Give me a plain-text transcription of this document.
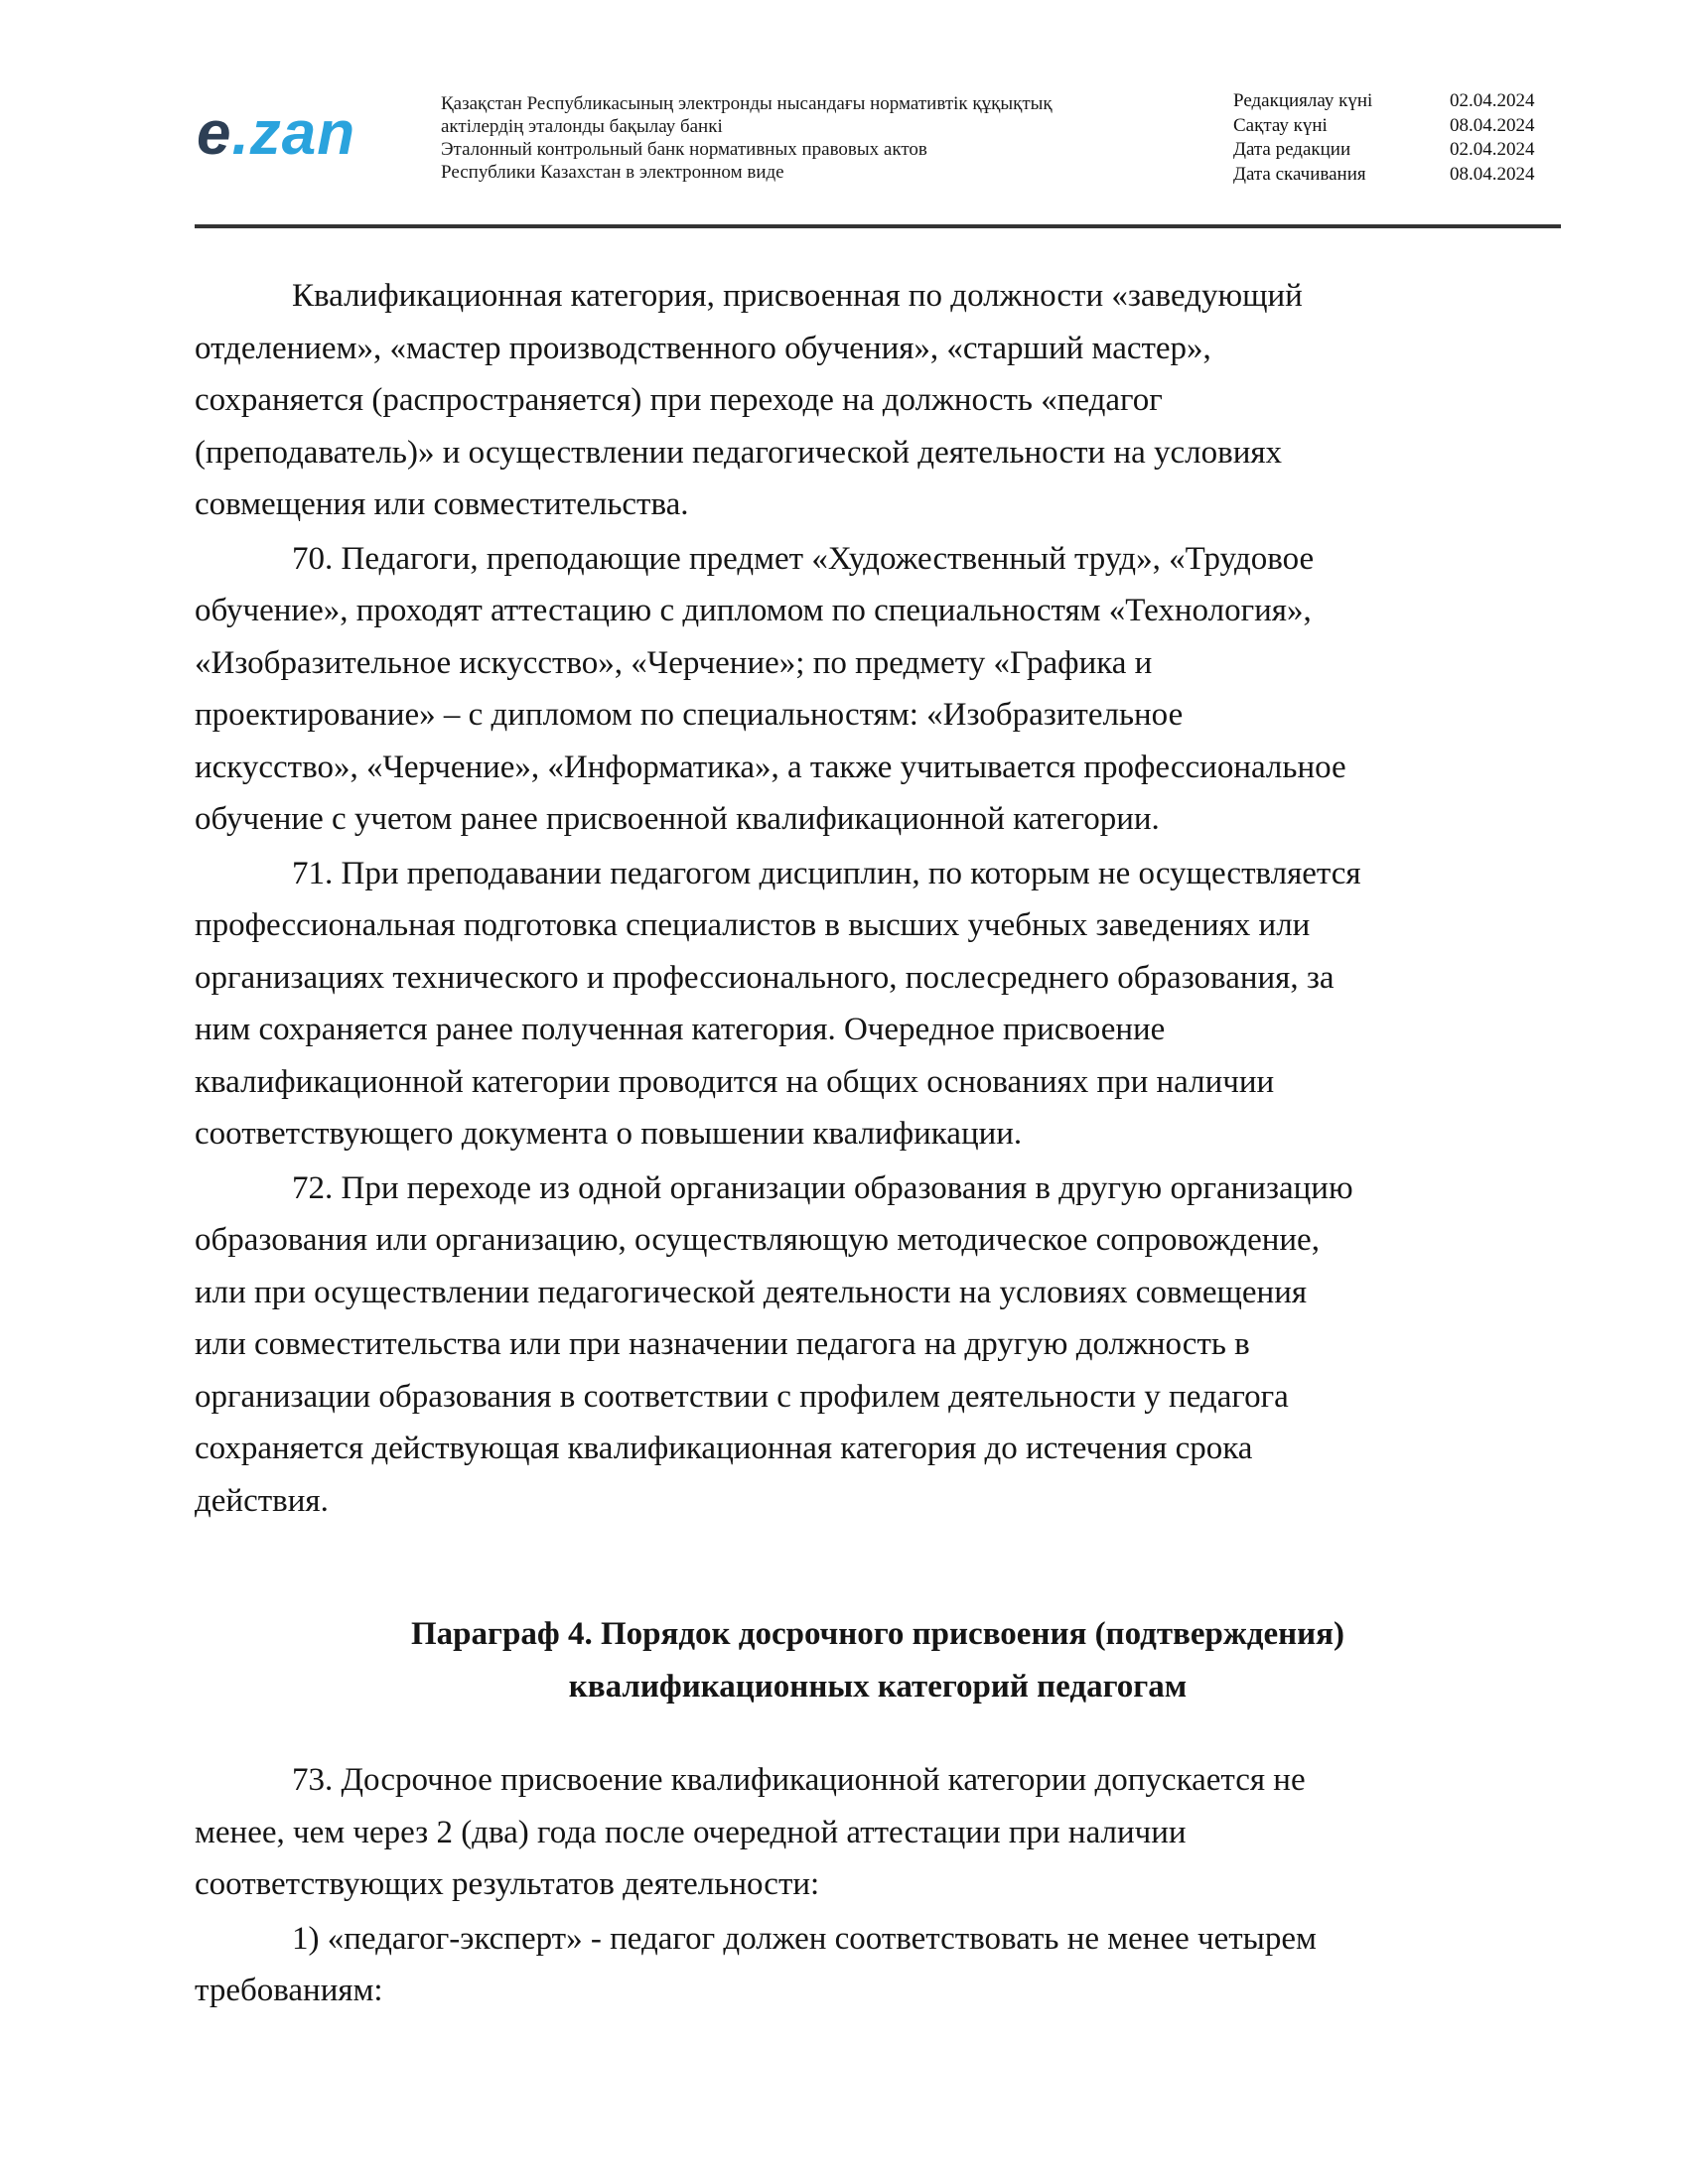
e.zan	Қазақстан Республикасының электронды нысандағы нормативтік құқықтық
актілердің эталонды бақылау банкі
Эталонный контрольный банк нормативных правовых актов
Республики Казахстан в электронном виде
Редакциялау күні	02.04.2024
Сақтау күні	08.04.2024
Дата редакции	02.04.2024
Дата скачивания	08.04.2024

Квалификационная категория, присвоенная по должности «заведующий
отделением», «мастер производственного обучения», «старший мастер»,
сохраняется (распространяется) при переходе на должность «педагог
(преподаватель)» и осуществлении педагогической деятельности на условиях
совмещения или совместительства.

70. Педагоги, преподающие предмет «Художественный труд», «Трудовое
обучение», проходят аттестацию с дипломом по специальностям «Технология»,
«Изобразительное искусство», «Черчение»; по предмету «Графика и
проектирование» – с дипломом по специальностям: «Изобразительное
искусство», «Черчение», «Информатика», а также учитывается профессиональное
обучение с учетом ранее присвоенной квалификационной категории.

71. При преподавании педагогом дисциплин, по которым не осуществляется
профессиональная подготовка специалистов в высших учебных заведениях или
организациях технического и профессионального, послесреднего образования, за
ним сохраняется ранее полученная категория. Очередное присвоение
квалификационной категории проводится на общих основаниях при наличии
соответствующего документа о повышении квалификации.

72. При переходе из одной организации образования в другую организацию
образования или организацию, осуществляющую методическое сопровождение,
или при осуществлении педагогической деятельности на условиях совмещения
или совместительства или при назначении педагога на другую должность в
организации образования в соответствии с профилем деятельности у педагога
сохраняется действующая квалификационная категория до истечения срока
действия.

Параграф 4. Порядок досрочного присвоения (подтверждения)
квалификационных категорий педагогам

73. Досрочное присвоение квалификационной категории допускается не
менее, чем через 2 (два) года после очередной аттестации при наличии
соответствующих результатов деятельности:

1) «педагог-эксперт» - педагог должен соответствовать не менее четырем
требованиям:
